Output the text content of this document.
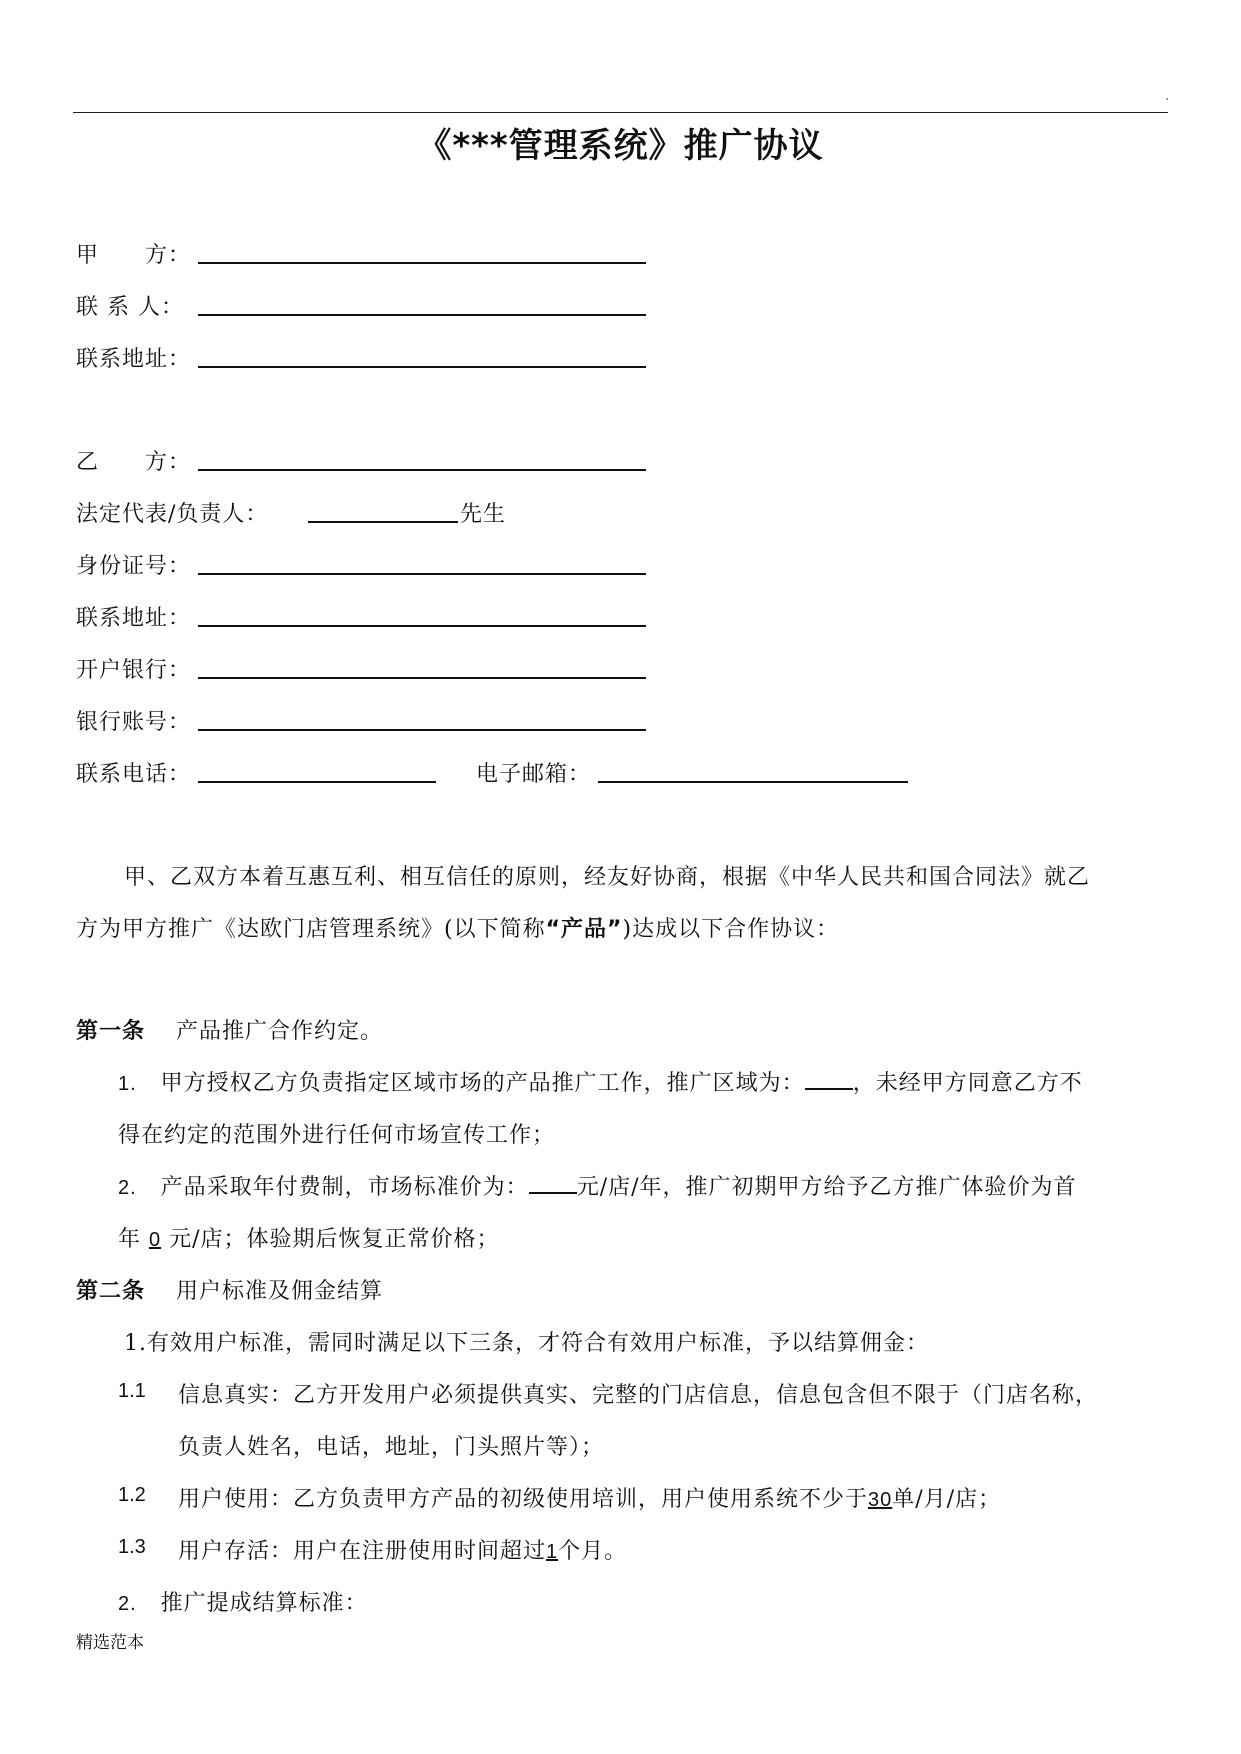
.
《***管理系统》推广协议
甲　　方：
联 系 人：
联系地址：
乙　　方：
法定代表/负责人：	先生
身份证号：
联系地址：
开户银行：
银行账号：
联系电话：	电子邮箱：
甲、乙双方本着互惠互利、相互信任的原则，经友好协商，根据《中华人民共和国合同法》就乙
方为甲方推广《达欧门店管理系统》(以下简称“产品”)达成以下合作协议：
第一条　 产品推广合作约定。
1. 甲方授权乙方负责指定区域市场的产品推广工作，推广区域为： ，未经甲方同意乙方不
得在约定的范围外进行任何市场宣传工作；
2. 产品采取年付费制，市场标准价为： 元/店/年，推广初期甲方给予乙方推广体验价为首
年 0 元/店；体验期后恢复正常价格；
第二条　 用户标准及佣金结算
1.有效用户标准，需同时满足以下三条，才符合有效用户标准，予以结算佣金：
1.1 信息真实：乙方开发用户必须提供真实、完整的门店信息，信息包含但不限于（门店名称，
负责人姓名，电话，地址，门头照片等）；
1.2 用户使用：乙方负责甲方产品的初级使用培训，用户使用系统不少于30单/月/店；
1.3 用户存活：用户在注册使用时间超过1个月。
2. 推广提成结算标准：
精选范本
